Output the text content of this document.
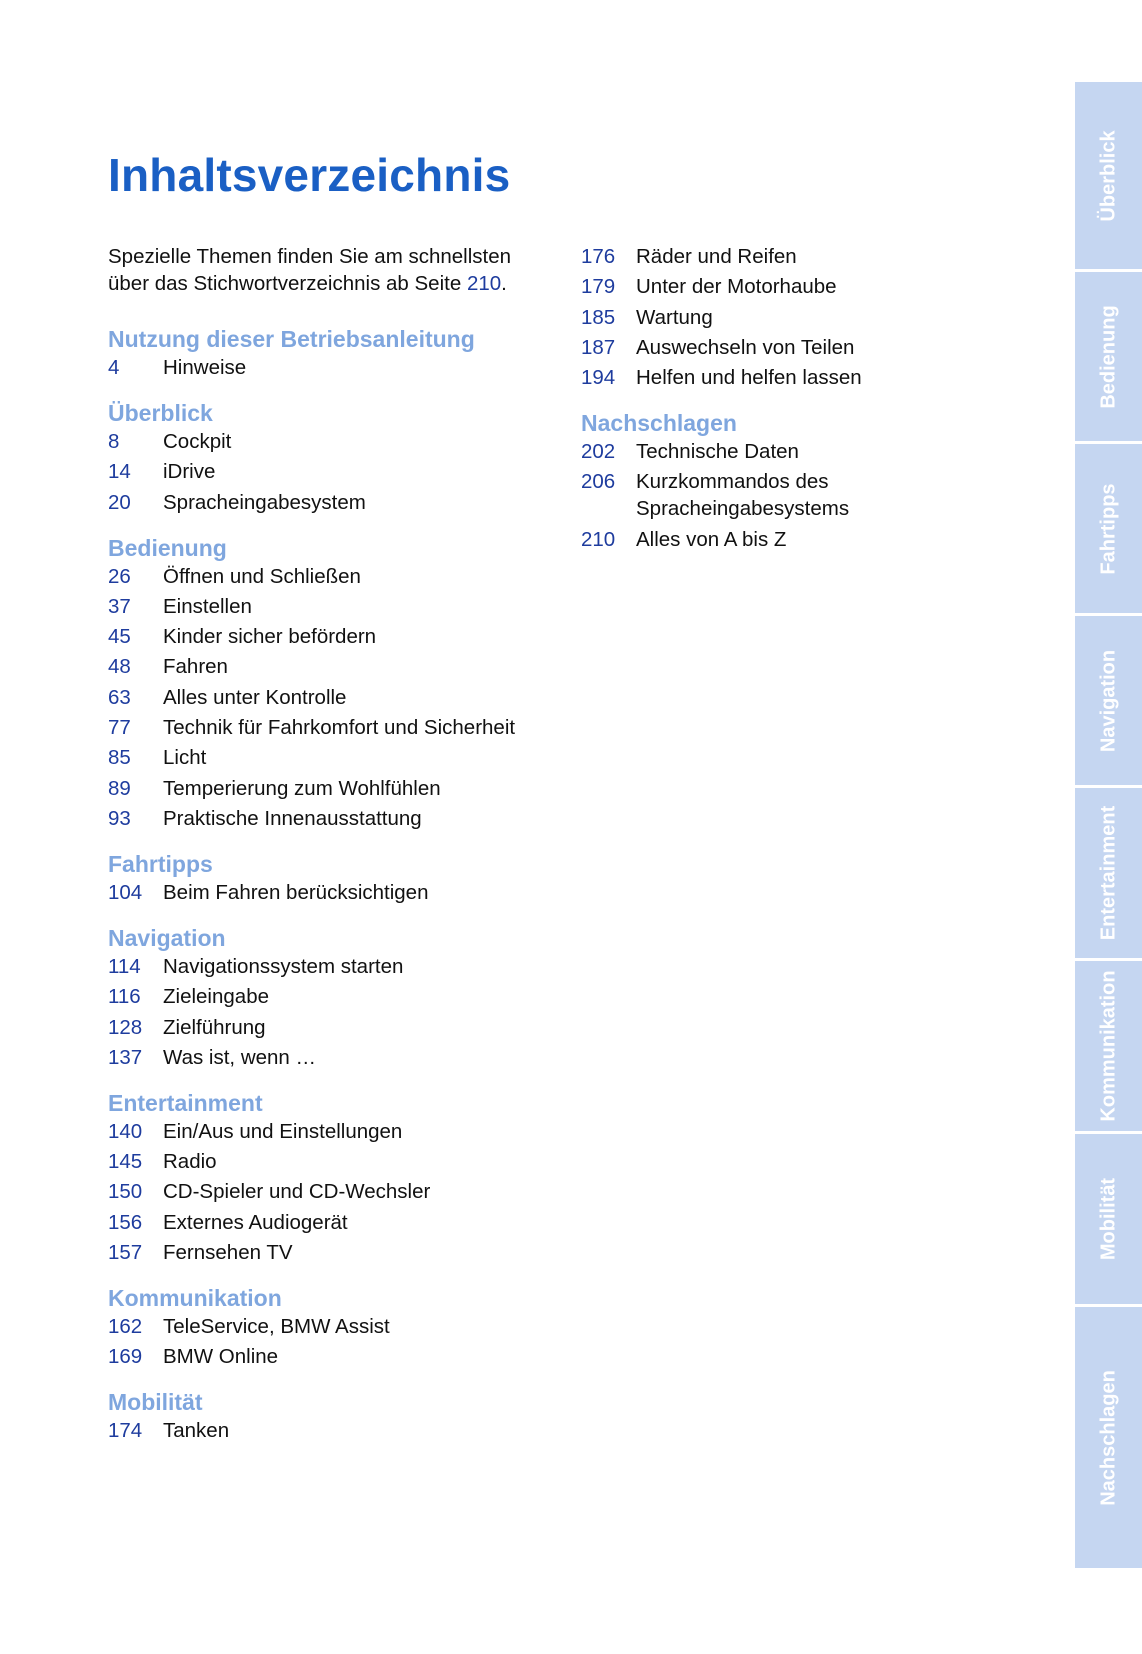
Inhaltsverzeichnis

Spezielle Themen finden Sie am schnellsten
über das Stichwortverzeichnis ab Seite 210.

Nutzung dieser Betriebsanleitung
4	Hinweise
Überblick
8	Cockpit
14	iDrive
20	Spracheingabesystem
Bedienung
26	Öffnen und Schließen
37	Einstellen
45	Kinder sicher befördern
48	Fahren
63	Alles unter Kontrolle
77	Technik für Fahrkomfort und Sicherheit
85	Licht
89	Temperierung zum Wohlfühlen
93	Praktische Innenausstattung
Fahrtipps
104	Beim Fahren berücksichtigen
Navigation
114	Navigationssystem starten
116	Zieleingabe
128	Zielführung
137	Was ist, wenn …
Entertainment
140	Ein/Aus und Einstellungen
145	Radio
150	CD-Spieler und CD-Wechsler
156	Externes Audiogerät
157	Fernsehen TV
Kommunikation
162	TeleService, BMW Assist
169	BMW Online
Mobilität
174	Tanken
176	Räder und Reifen
179	Unter der Motorhaube
185	Wartung
187	Auswechseln von Teilen
194	Helfen und helfen lassen
Nachschlagen
202	Technische Daten
206	Kurzkommandos des Spracheingabesystems
210	Alles von A bis Z
Überblick
Bedienung
Fahrtipps
Navigation
Entertainment
Kommunikation
Mobilität
Nachschlagen
